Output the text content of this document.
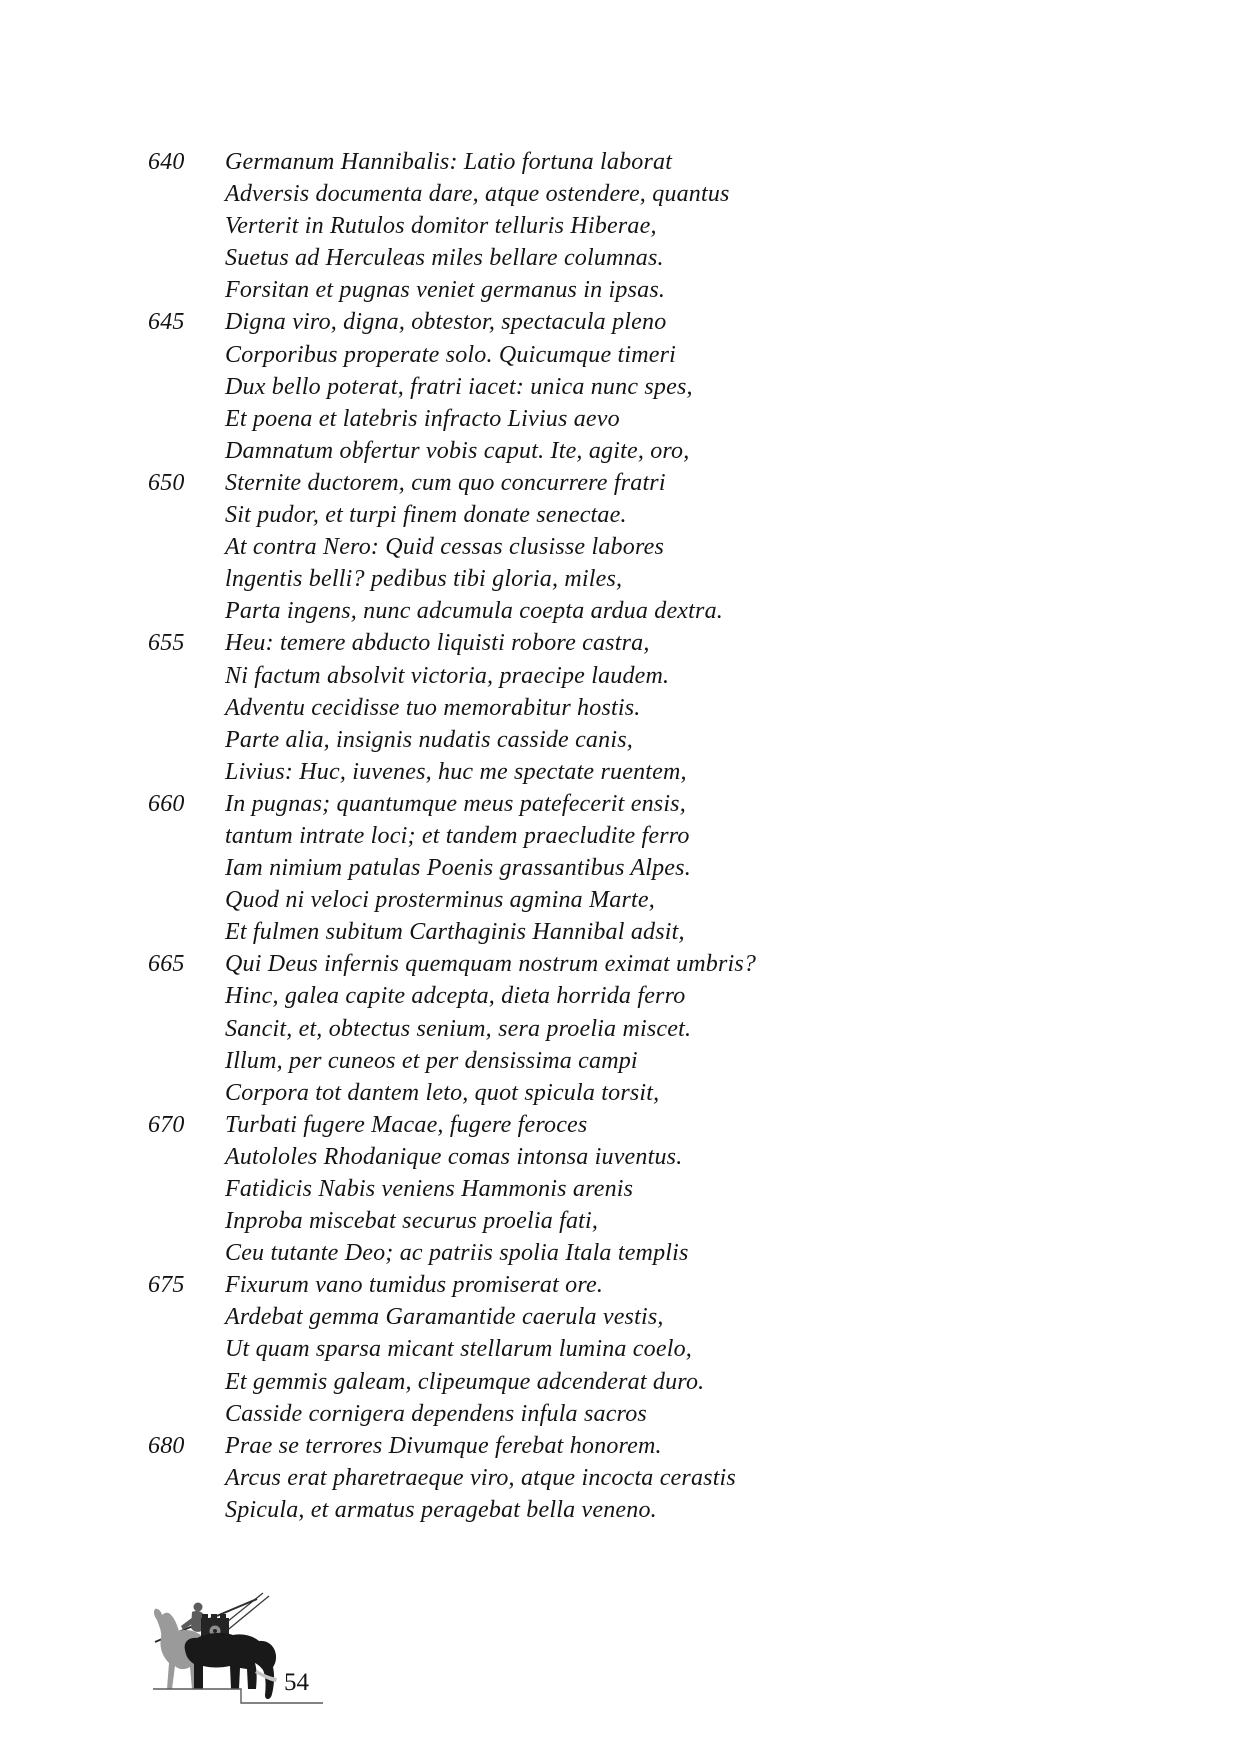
640	Germanum Hannibalis: Latio fortuna laborat
Adversis documenta dare, atque ostendere, quantus
Verterit in Rutulos domitor telluris Hiberae,
Suetus ad Herculeas miles bellare columnas.
Forsitan et pugnas veniet germanus in ipsas.
645	Digna viro, digna, obtestor, spectacula pleno
Corporibus properate solo. Quicumque timeri
Dux bello poterat, fratri iacet: unica nunc spes,
Et poena et latebris infracto Livius aevo
Damnatum obfertur vobis caput. Ite, agite, oro,
650	Sternite ductorem, cum quo concurrere fratri
Sit pudor, et turpi finem donate senectae.
At contra Nero: Quid cessas clusisse labores
lngentis belli? pedibus tibi gloria, miles,
Parta ingens, nunc adcumula coepta ardua dextra.
655	Heu: temere abducto liquisti robore castra,
Ni factum absolvit victoria, praecipe laudem.
Adventu cecidisse tuo memorabitur hostis.
Parte alia, insignis nudatis casside canis,
Livius: Huc, iuvenes, huc me spectate ruentem,
660	In pugnas; quantumque meus patefecerit ensis,
tantum intrate loci; et tandem praecludite ferro
Iam nimium patulas Poenis grassantibus Alpes.
Quod ni veloci prosterminus agmina Marte,
Et fulmen subitum Carthaginis Hannibal adsit,
665	Qui Deus infernis quemquam nostrum eximat umbris?
Hinc, galea capite adcepta, dieta horrida ferro
Sancit, et, obtectus senium, sera proelia miscet.
Illum, per cuneos et per densissima campi
Corpora tot dantem leto, quot spicula torsit,
670	Turbati fugere Macae, fugere feroces
Autololes Rhodanique comas intonsa iuventus.
Fatidicis Nabis veniens Hammonis arenis
Inproba miscebat securus proelia fati,
Ceu tutante Deo; ac patriis spolia Itala templis
675	Fixurum vano tumidus promiserat ore.
Ardebat gemma Garamantide caerula vestis,
Ut quam sparsa micant stellarum lumina coelo,
Et gemmis galeam, clipeumque adcenderat duro.
Casside cornigera dependens infula sacros
680	Prae se terrores Divumque ferebat honorem.
Arcus erat pharetraeque viro, atque incocta cerastis
Spicula, et armatus peragebat bella veneno.
54
